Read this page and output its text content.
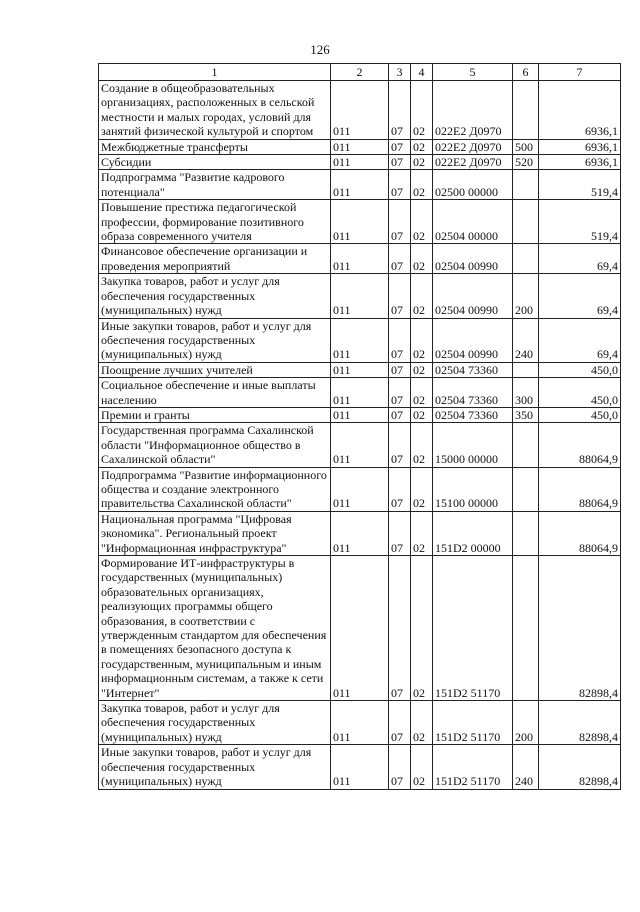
126
1	2	3	4	5	6	7
Создание в общеобразовательных организациях, расположенных в сельской местности и малых городах, условий для занятий физической культурой и спортом	011	07	02	022E2 Д0970		6936,1
Межбюджетные трансферты	011	07	02	022E2 Д0970	500	6936,1
Субсидии	011	07	02	022E2 Д0970	520	6936,1
Подпрограмма "Развитие кадрового потенциала"	011	07	02	02500 00000		519,4
Повышение престижа педагогической профессии, формирование позитивного образа современного учителя	011	07	02	02504 00000		519,4
Финансовое обеспечение организации и проведения мероприятий	011	07	02	02504 00990		69,4
Закупка товаров, работ и услуг для обеспечения государственных (муниципальных) нужд	011	07	02	02504 00990	200	69,4
Иные закупки товаров, работ и услуг для обеспечения государственных (муниципальных) нужд	011	07	02	02504 00990	240	69,4
Поощрение лучших учителей	011	07	02	02504 73360		450,0
Социальное обеспечение и иные выплаты населению	011	07	02	02504 73360	300	450,0
Премии и гранты	011	07	02	02504 73360	350	450,0
Государственная программа Сахалинской области "Информационное общество в Сахалинской области"	011	07	02	15000 00000		88064,9
Подпрограмма "Развитие информационного общества и создание электронного правительства Сахалинской области"	011	07	02	15100 00000		88064,9
Национальная программа "Цифровая экономика". Региональный проект "Информационная инфраструктура"	011	07	02	151D2 00000		88064,9
Формирование ИТ-инфраструктуры в государственных (муниципальных) образовательных организациях, реализующих программы общего образования, в соответствии с утвержденным стандартом для обеспечения в помещениях безопасного доступа к государственным, муниципальным и иным информационным системам, а также к сети "Интернет"	011	07	02	151D2 51170		82898,4
Закупка товаров, работ и услуг для обеспечения государственных (муниципальных) нужд	011	07	02	151D2 51170	200	82898,4
Иные закупки товаров, работ и услуг для обеспечения государственных (муниципальных) нужд	011	07	02	151D2 51170	240	82898,4
